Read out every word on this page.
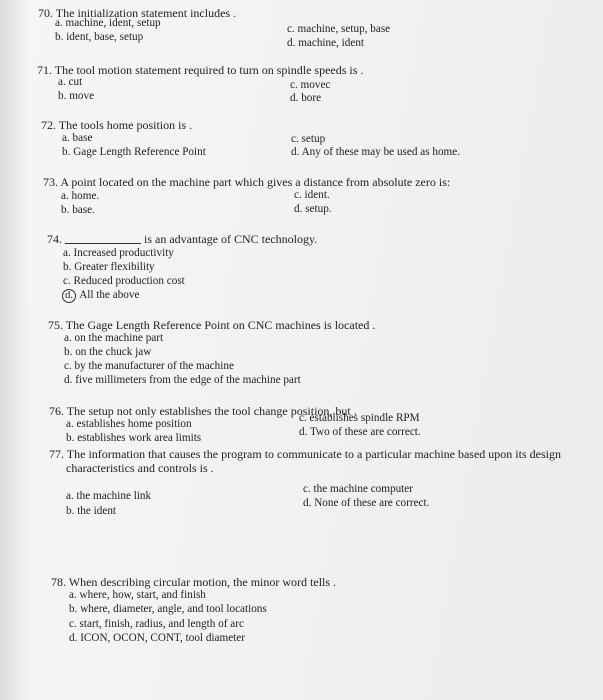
70. The initialization statement includes .
a. machine, ident, setup
b. ident, base, setup
c. machine, setup, base
d. machine, ident
71. The tool motion statement required to turn on spindle speeds is .
a. cut
b. move
c. movec
d. bore
72. The tools home position is .
a. base
b. Gage Length Reference Point
c. setup
d. Any of these may be used as home.
73. A point located on the machine part which gives a distance from absolute zero is:
a. home.
b. base.
c. ident.
d. setup.
74.	is an advantage of CNC technology.
a. Increased productivity
b. Greater flexibility
c. Reduced production cost
d. All the above
75. The Gage Length Reference Point on CNC machines is located .
a. on the machine part
b. on the chuck jaw
c. by the manufacturer of the machine
d. five millimeters from the edge of the machine part
76. The setup not only establishes the tool change position, but .
a. establishes home position
b. establishes work area limits
c. establishes spindle RPM
d. Two of these are correct.
77. The information that causes the program to communicate to a particular machine based upon its design
characteristics and controls is .
a. the machine link
b. the ident
c. the machine computer
d. None of these are correct.
78. When describing circular motion, the minor word tells .
a. where, how, start, and finish
b. where, diameter, angle, and tool locations
c. start, finish, radius, and length of arc
d. ICON, OCON, CONT, tool diameter
